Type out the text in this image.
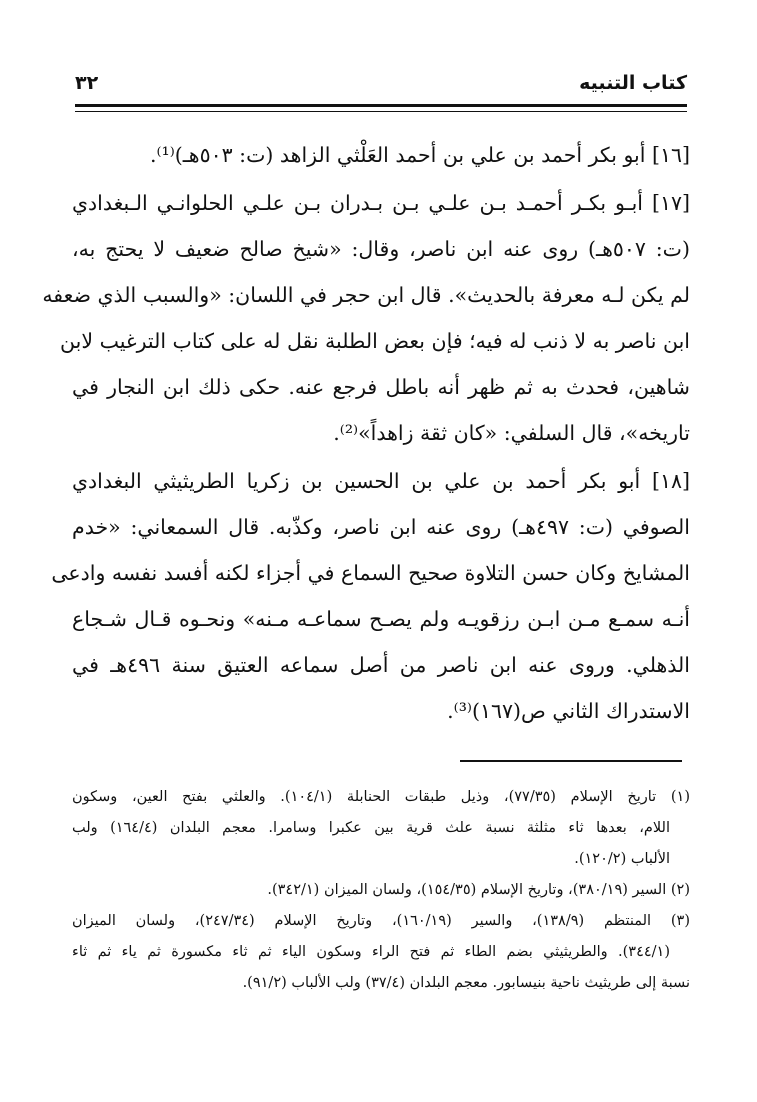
كتاب التنبيه
٣٢

[١٦] أبو بكر أحمد بن علي بن أحمد العَلْثي الزاهد (ت: ٥٠٣هـ)⁽¹⁾.

[١٧] أبـو بكـر أحمـد بـن علـي بـن بـدران بـن علـي الحلوانـي الـبغدادي
(ت: ٥٠٧هـ) روى عنه ابن ناصر، وقال: «شيخ صالح ضعيف لا يحتج به،
لم يكن لـه معرفة بالحديث». قال ابن حجر في اللسان: «والسبب الذي ضعفه
ابن ناصر به لا ذنب له فيه؛ فإن بعض الطلبة نقل له على كتاب الترغيب لابن
شاهين، فحدث به ثم ظهر أنه باطل فرجع عنه. حكى ذلك ابن النجار في
تاريخه»، قال السلفي: «كان ثقة زاهداً»⁽²⁾.

[١٨] أبو بكر أحمد بن علي بن الحسين بن زكريا الطريثيثي البغدادي
الصوفي (ت: ٤٩٧هـ) روى عنه ابن ناصر، وكذّبه. قال السمعاني: «خدم
المشايخ وكان حسن التلاوة صحيح السماع في أجزاء لكنه أفسد نفسه وادعى
أنـه سمـع مـن ابـن رزقويـه ولم يصـح سماعـه مـنه» ونحـوه قـال شـجاع
الذهلي. وروى عنه ابن ناصر من أصل سماعه العتيق سنة ٤٩٦هـ في
الاستدراك الثاني ص(١٦٧)⁽³⁾.

(١) تاريخ الإسلام (٧٧/٣٥)، وذيل طبقات الحنابلة (١٠٤/١). والعلثي بفتح العين، وسكون
اللام، بعدها ثاء مثلثة نسبة علث قرية بين عكبرا وسامرا. معجم البلدان (١٦٤/٤) ولب
الألباب (١٢٠/٢).

(٢) السير (٣٨٠/١٩)، وتاريخ الإسلام (١٥٤/٣٥)، ولسان الميزان (٣٤٢/١).

(٣) المنتظم (١٣٨/٩)، والسير (١٦٠/١٩)، وتاريخ الإسلام (٢٤٧/٣٤)، ولسان الميزان
(٣٤٤/١). والطريثيثي بضم الطاء ثم فتح الراء وسكون الياء ثم ثاء مكسورة ثم ياء ثم ثاء
نسبة إلى طريثيث ناحية بنيسابور. معجم البلدان (٣٧/٤) ولب الألباب (٩١/٢).
